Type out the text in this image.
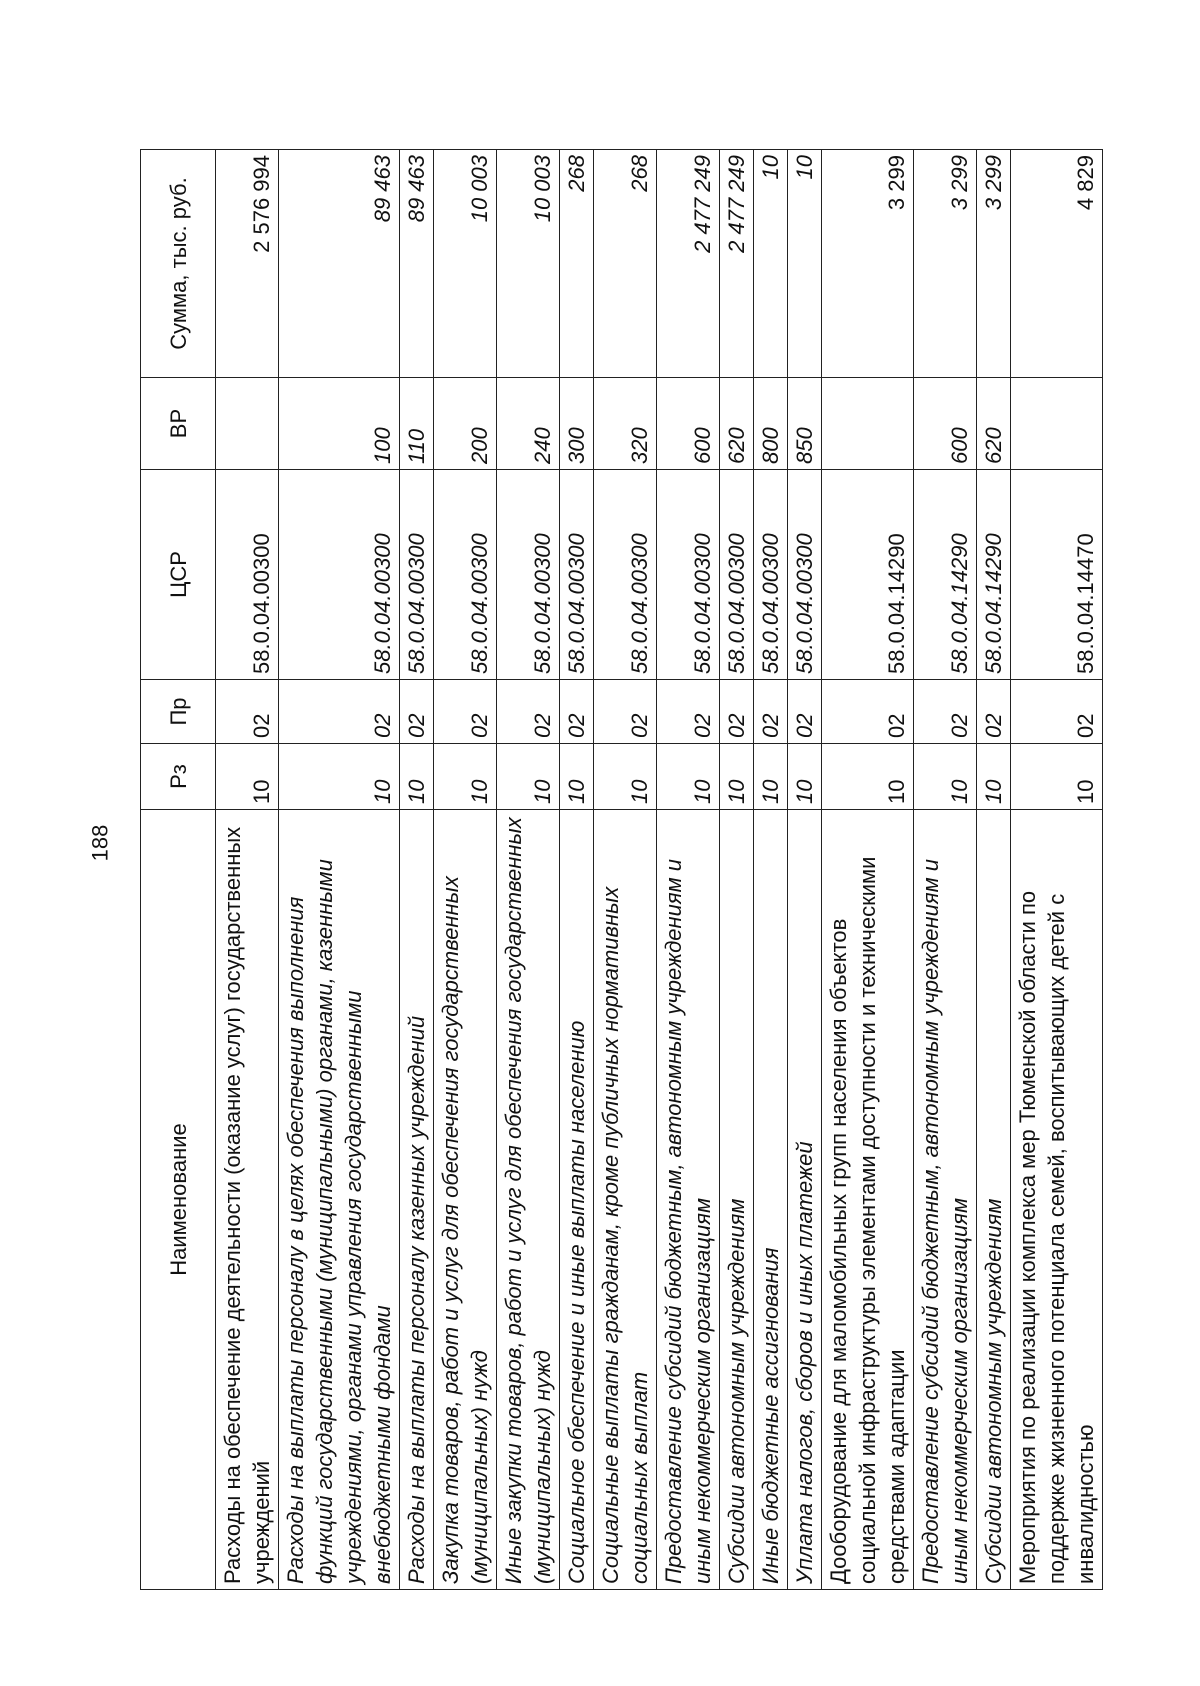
188
Наименование	Рз	Пр	ЦСР	ВР	Сумма, тыс. руб.
Расходы на обеспечение деятельности (оказание услуг) государственных учреждений	10	02	58.0.04.00300		2 576 994
Расходы на выплаты персоналу в целях обеспечения выполнения функций государственными (муниципальными) органами, казенными учреждениями, органами управления государственными внебюджетными фондами	10	02	58.0.04.00300	100	89 463
Расходы на выплаты персоналу казенных учреждений	10	02	58.0.04.00300	110	89 463
Закупка товаров, работ и услуг для обеспечения государственных (муниципальных) нужд	10	02	58.0.04.00300	200	10 003
Иные закупки товаров, работ и услуг для обеспечения государственных (муниципальных) нужд	10	02	58.0.04.00300	240	10 003
Социальное обеспечение и иные выплаты населению	10	02	58.0.04.00300	300	268
Социальные выплаты гражданам, кроме публичных нормативных социальных выплат	10	02	58.0.04.00300	320	268
Предоставление субсидий бюджетным, автономным учреждениям и иным некоммерческим организациям	10	02	58.0.04.00300	600	2 477 249
Субсидии автономным учреждениям	10	02	58.0.04.00300	620	2 477 249
Иные бюджетные ассигнования	10	02	58.0.04.00300	800	10
Уплата налогов, сборов и иных платежей	10	02	58.0.04.00300	850	10
Дооборудование для маломобильных групп населения объектов социальной инфраструктуры элементами доступности и техническими средствами адаптации	10	02	58.0.04.14290		3 299
Предоставление субсидий бюджетным, автономным учреждениям и иным некоммерческим организациям	10	02	58.0.04.14290	600	3 299
Субсидии автономным учреждениям	10	02	58.0.04.14290	620	3 299
Мероприятия по реализации комплекса мер Тюменской области по поддержке жизненного потенциала семей, воспитывающих детей с инвалидностью	10	02	58.0.04.14470		4 829
